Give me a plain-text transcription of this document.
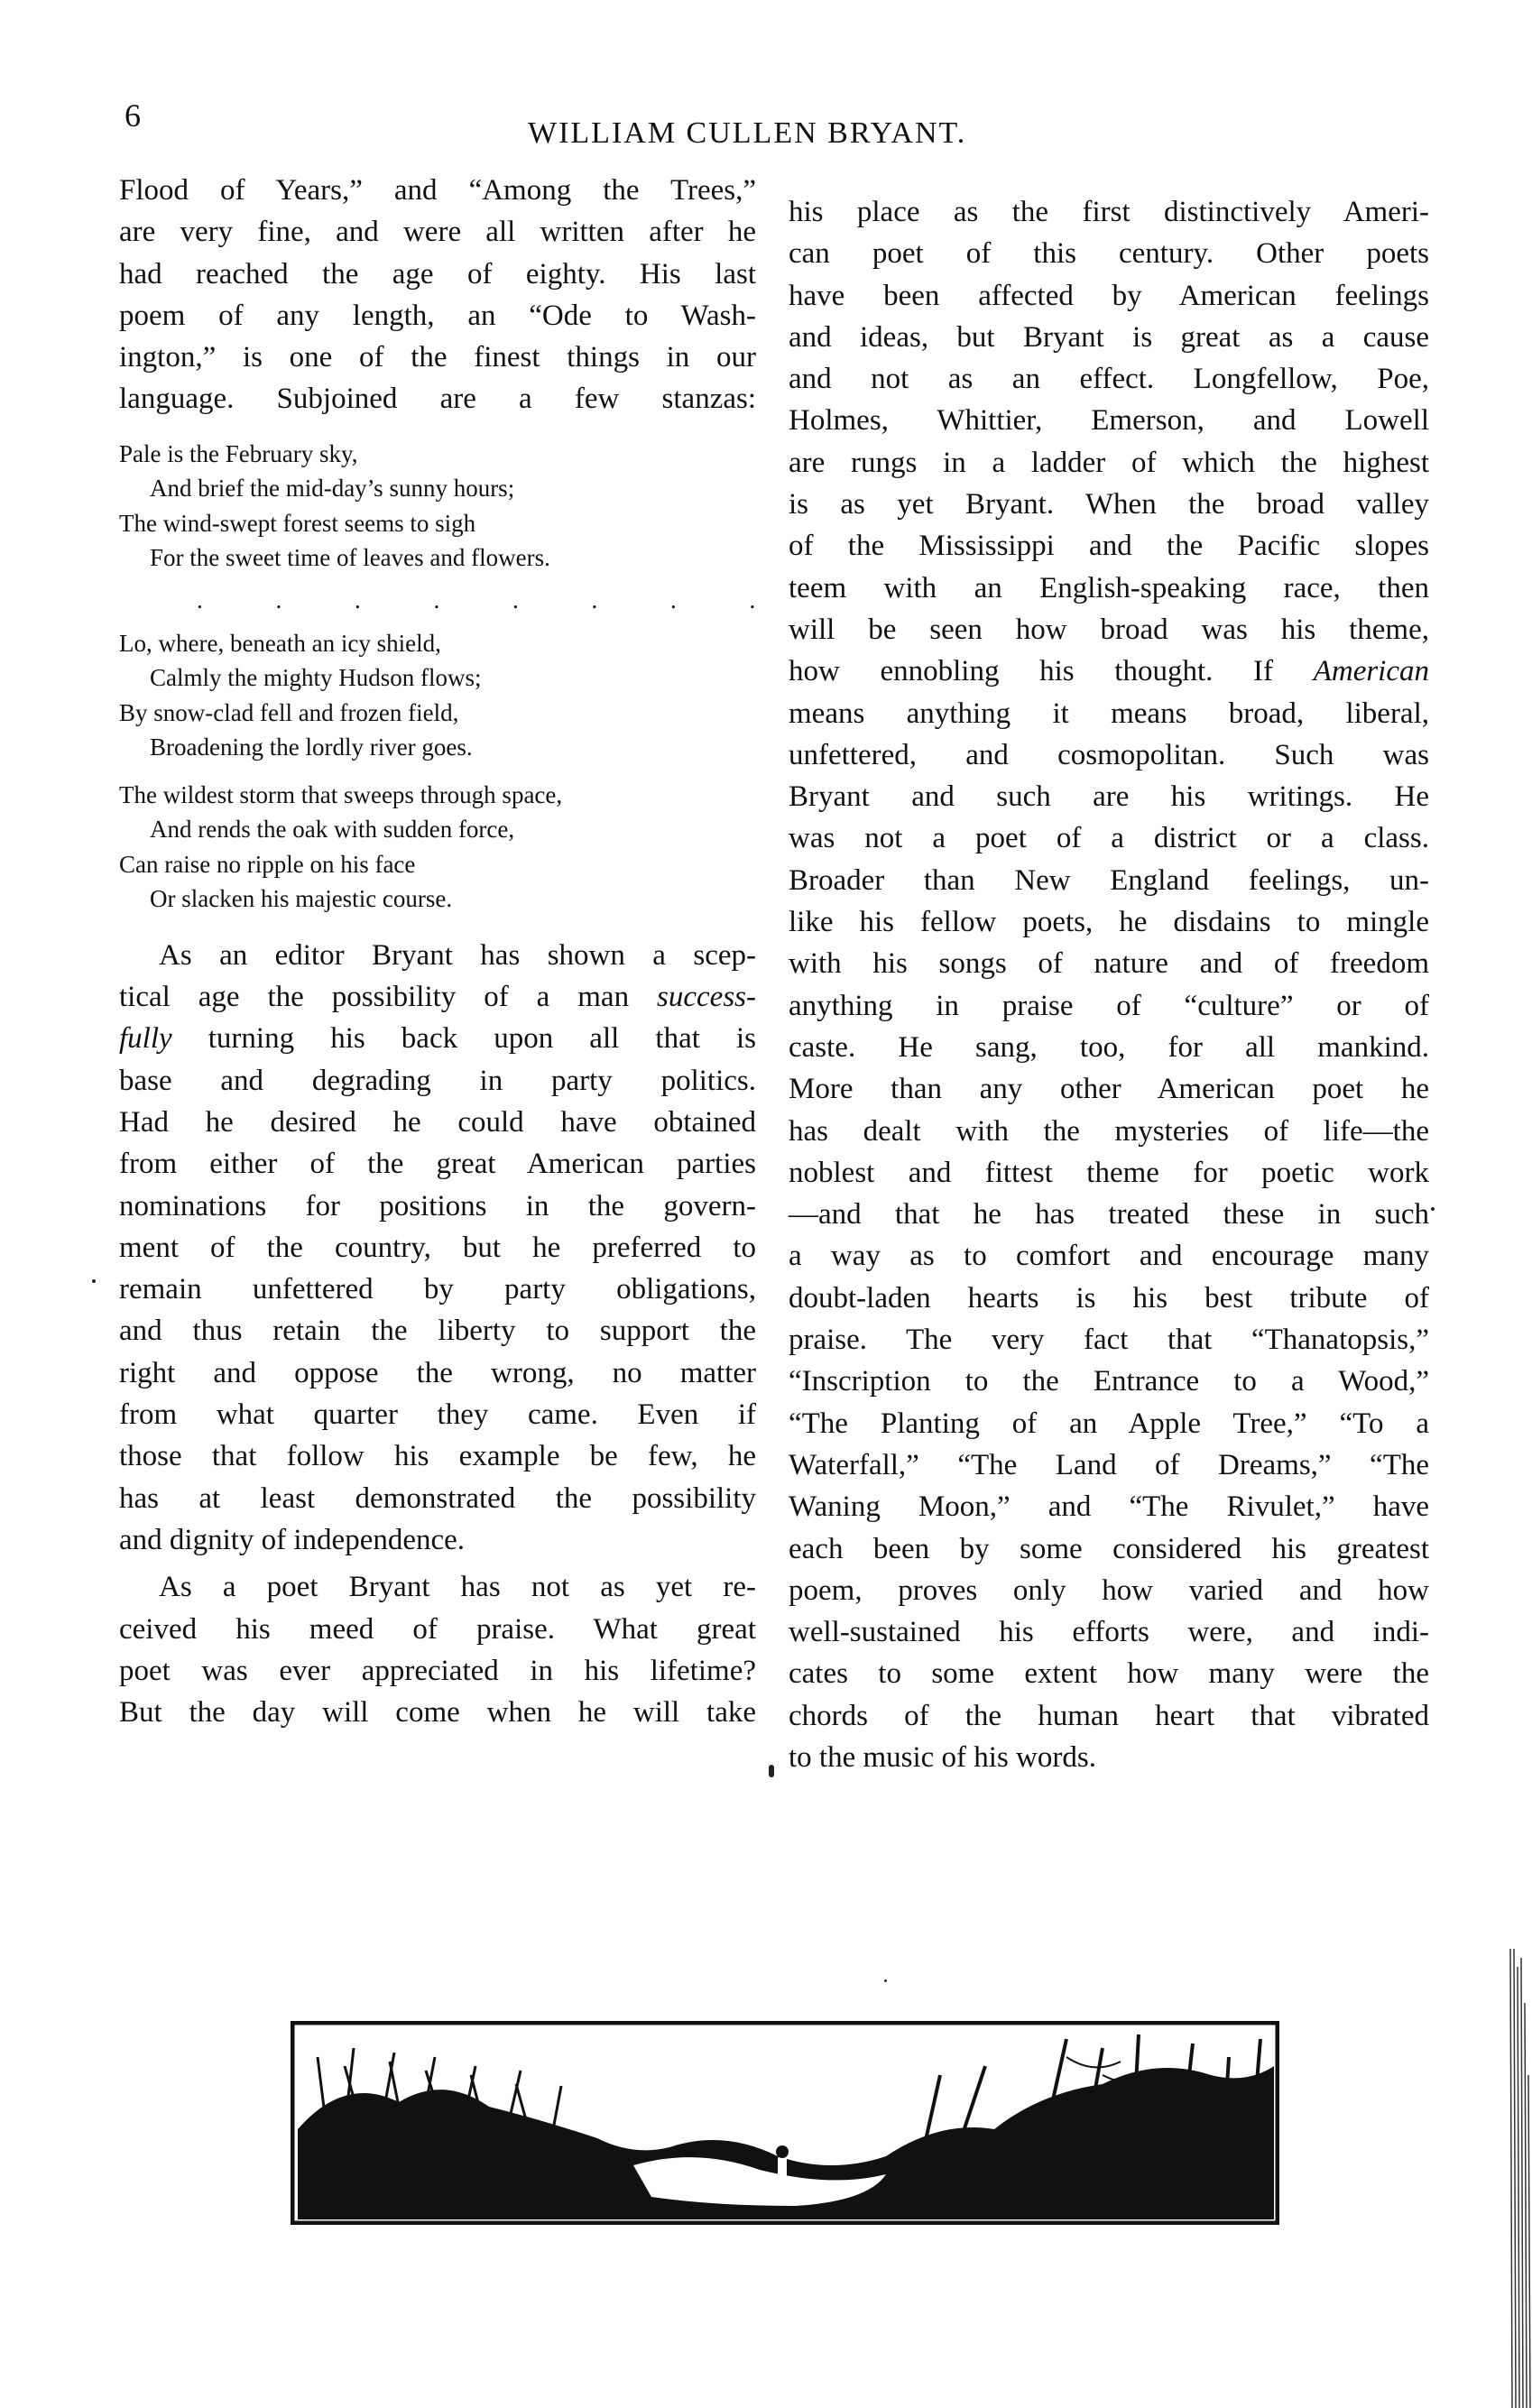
6	WILLIAM CULLEN BRYANT.
Flood of Years,” and “Among the Trees,”
are very fine, and were all written after he
had reached the age of eighty. His last
poem of any length, an “Ode to Wash-
ington,” is one of the finest things in our
language. Subjoined are a few stanzas:
Pale is the February sky,
And brief the mid-day’s sunny hours;
The wind-swept forest seems to sigh
For the sweet time of leaves and flowers.
. . . . . . . .
Lo, where, beneath an icy shield,
Calmly the mighty Hudson flows;
By snow-clad fell and frozen field,
Broadening the lordly river goes.
The wildest storm that sweeps through space,
And rends the oak with sudden force,
Can raise no ripple on his face
Or slacken his majestic course.
As an editor Bryant has shown a scep-
tical age the possibility of a man success-
fully turning his back upon all that is
base and degrading in party politics.
Had he desired he could have obtained
from either of the great American parties
nominations for positions in the govern-
ment of the country, but he preferred to
remain unfettered by party obligations,
and thus retain the liberty to support the
right and oppose the wrong, no matter
from what quarter they came. Even if
those that follow his example be few, he
has at least demonstrated the possibility
and dignity of independence.
As a poet Bryant has not as yet re-
ceived his meed of praise. What great
poet was ever appreciated in his lifetime?
But the day will come when he will take
his place as the first distinctively Ameri-
can poet of this century. Other poets
have been affected by American feelings
and ideas, but Bryant is great as a cause
and not as an effect. Longfellow, Poe,
Holmes, Whittier, Emerson, and Lowell
are rungs in a ladder of which the highest
is as yet Bryant. When the broad valley
of the Mississippi and the Pacific slopes
teem with an English-speaking race, then
will be seen how broad was his theme,
how ennobling his thought. If American
means anything it means broad, liberal,
unfettered, and cosmopolitan. Such was
Bryant and such are his writings. He
was not a poet of a district or a class.
Broader than New England feelings, un-
like his fellow poets, he disdains to mingle
with his songs of nature and of freedom
anything in praise of “culture” or of
caste. He sang, too, for all mankind.
More than any other American poet he
has dealt with the mysteries of life—the
noblest and fittest theme for poetic work
—and that he has treated these in such
a way as to comfort and encourage many
doubt-laden hearts is his best tribute of
praise. The very fact that “Thanatopsis,”
“Inscription to the Entrance to a Wood,”
“The Planting of an Apple Tree,” “To a
Waterfall,” “The Land of Dreams,” “The
Waning Moon,” and “The Rivulet,” have
each been by some considered his greatest
poem, proves only how varied and how
well-sustained his efforts were, and indi-
cates to some extent how many were the
chords of the human heart that vibrated
to the music of his words.
